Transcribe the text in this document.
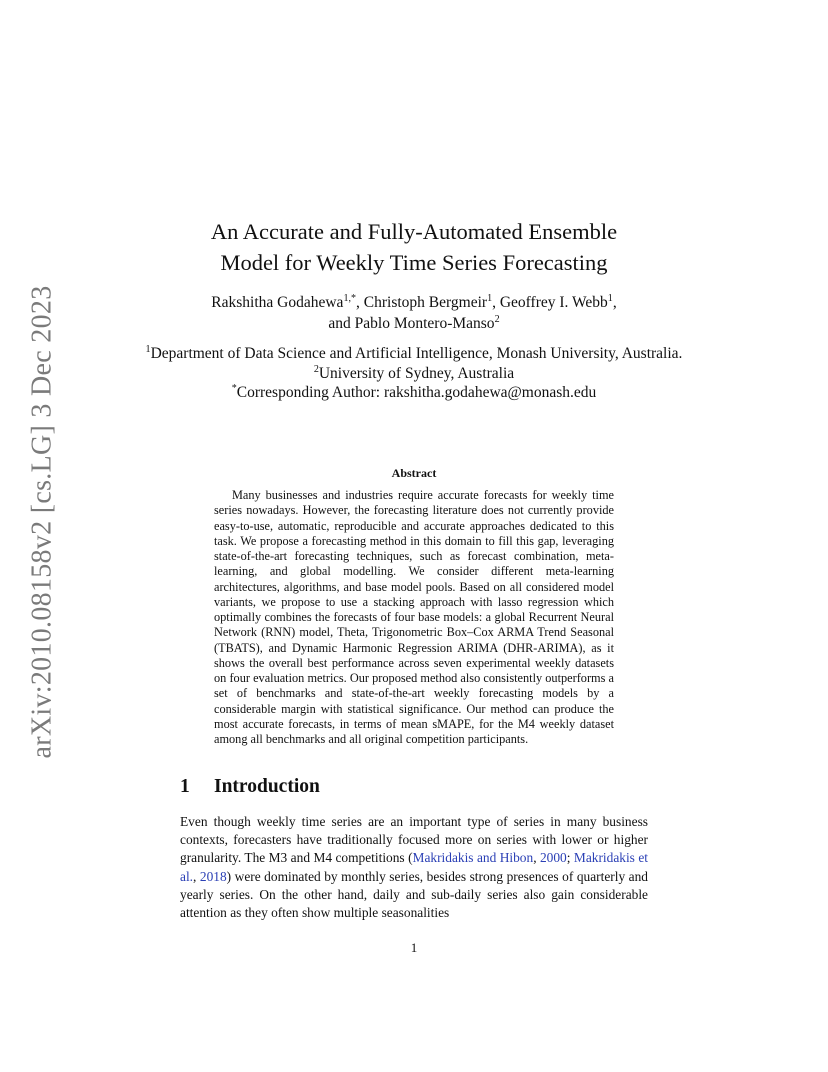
arXiv:2010.08158v2 [cs.LG] 3 Dec 2023
An Accurate and Fully-Automated Ensemble
Model for Weekly Time Series Forecasting
Rakshitha Godahewa$^{1,*}$, Christoph Bergmeir$^1$, Geoffrey I. Webb$^1$,
and Pablo Montero-Manso$^2$
$^1$Department of Data Science and Artificial Intelligence, Monash University, Australia.
$^2$University of Sydney, Australia
*Corresponding Author: rakshitha.godahewa@monash.edu
Abstract

Many businesses and industries require accurate forecasts for weekly time series nowadays. However, the forecasting literature does not currently provide easy-to-use, automatic, reproducible and accurate approaches dedicated to this task. We propose a forecasting method in this domain to fill this gap, leveraging state-of-the-art forecasting techniques, such as forecast combination, meta-learning, and global modelling. We consider different meta-learning architectures, algorithms, and base model pools. Based on all considered model variants, we propose to use a stacking approach with lasso regression which optimally combines the forecasts of four base models: a global Recurrent Neural Network (RNN) model, Theta, Trigonometric Box–Cox ARMA Trend Seasonal (TBATS), and Dynamic Harmonic Regression ARIMA (DHR-ARIMA), as it shows the overall best performance across seven experimental weekly datasets on four evaluation metrics. Our proposed method also consistently outperforms a set of benchmarks and state-of-the-art weekly forecasting models by a considerable margin with statistical significance. Our method can produce the most accurate forecasts, in terms of mean sMAPE, for the M4 weekly dataset among all benchmarks and all original competition participants.

1 Introduction

Even though weekly time series are an important type of series in many business contexts, forecasters have traditionally focused more on series with lower or higher granularity. The M3 and M4 competitions (Makridakis and Hibon, 2000; Makridakis et al., 2018) were dominated by monthly series, besides strong presences of quarterly and yearly series. On the other hand, daily and sub-daily series also gain considerable attention as they often show multiple seasonalities

1
